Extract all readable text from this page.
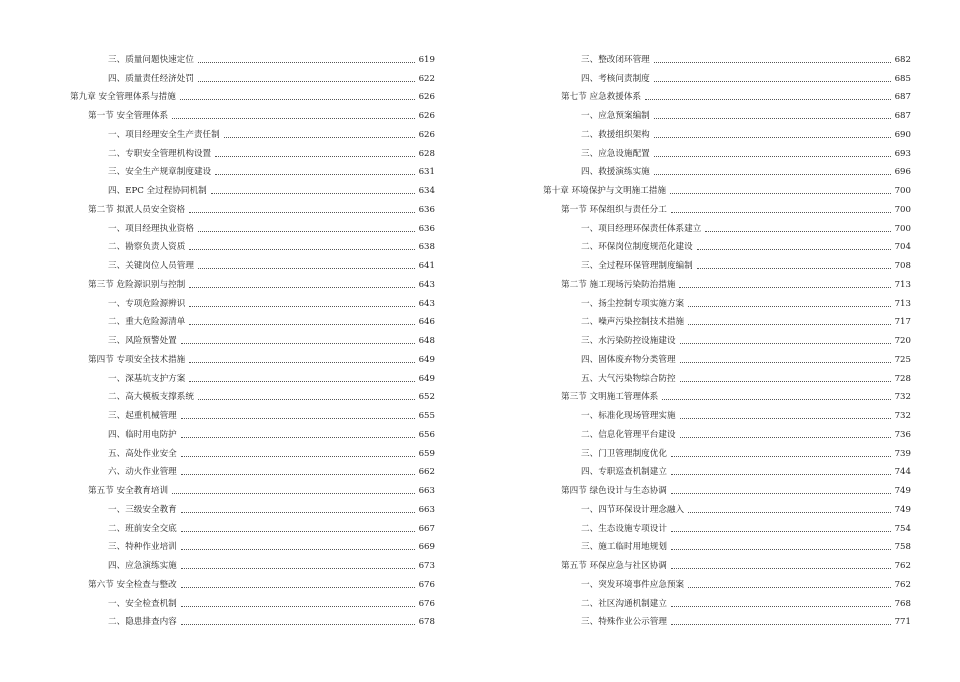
三、质量问题快速定位	619
四、质量责任经济处罚	622
第九章 安全管理体系与措施	626
第一节 安全管理体系	626
一、项目经理安全生产责任制	626
二、专职安全管理机构设置	628
三、安全生产规章制度建设	631
四、EPC 全过程协同机制	634
第二节 拟派人员安全资格	636
一、项目经理执业资格	636
二、勘察负责人资质	638
三、关键岗位人员管理	641
第三节 危险源识别与控制	643
一、专项危险源辨识	643
二、重大危险源清单	646
三、风险预警处置	648
第四节 专项安全技术措施	649
一、深基坑支护方案	649
二、高大模板支撑系统	652
三、起重机械管理	655
四、临时用电防护	656
五、高处作业安全	659
六、动火作业管理	662
第五节 安全教育培训	663
一、三级安全教育	663
二、班前安全交底	667
三、特种作业培训	669
四、应急演练实施	673
第六节 安全检查与整改	676
一、安全检查机制	676
二、隐患排查内容	678
三、整改闭环管理	682
四、考核问责制度	685
第七节 应急救援体系	687
一、应急预案编制	687
二、救援组织架构	690
三、应急设施配置	693
四、救援演练实施	696
第十章 环境保护与文明施工措施	700
第一节 环保组织与责任分工	700
一、项目经理环保责任体系建立	700
二、环保岗位制度规范化建设	704
三、全过程环保管理制度编制	708
第二节 施工现场污染防治措施	713
一、扬尘控制专项实施方案	713
二、噪声污染控制技术措施	717
三、水污染防控设施建设	720
四、固体废弃物分类管理	725
五、大气污染物综合防控	728
第三节 文明施工管理体系	732
一、标准化现场管理实施	732
二、信息化管理平台建设	736
三、门卫管理制度优化	739
四、专职巡查机制建立	744
第四节 绿色设计与生态协调	749
一、四节环保设计理念融入	749
二、生态设施专项设计	754
三、施工临时用地规划	758
第五节 环保应急与社区协调	762
一、突发环境事件应急预案	762
二、社区沟通机制建立	768
三、特殊作业公示管理	771
